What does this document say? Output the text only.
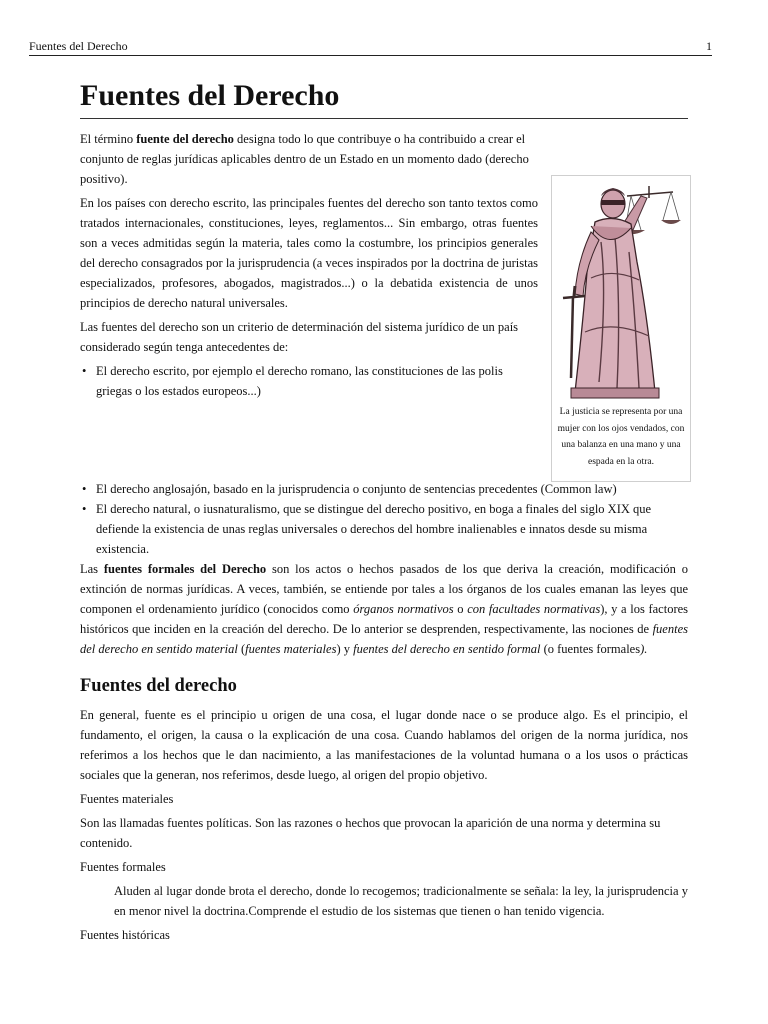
Fuentes del Derecho	1
Fuentes del Derecho

El término fuente del derecho designa todo lo que contribuye o ha contribuido a crear el conjunto de reglas jurídicas aplicables dentro de un Estado en un momento dado (derecho positivo).

En los países con derecho escrito, las principales fuentes del derecho son tanto textos como tratados internacionales, constituciones, leyes, reglamentos... Sin embargo, otras fuentes son a veces admitidas según la materia, tales como la costumbre, los principios generales del derecho consagrados por la jurisprudencia (a veces inspirados por la doctrina de juristas especializados, profesores, abogados, magistrados...) o la debatida existencia de unos principios de derecho natural universales.

Las fuentes del derecho son un criterio de determinación del sistema jurídico de un país considerado según tenga antecedentes de:

• El derecho escrito, por ejemplo el derecho romano, las constituciones de las polis griegas o los estados europeos...)
La justicia se representa por una mujer con los ojos vendados, con una balanza en una mano y una espada en la otra.
• El derecho anglosajón, basado en la jurisprudencia o conjunto de sentencias precedentes (Common law)
• El derecho natural, o iusnaturalismo, que se distingue del derecho positivo, en boga a finales del siglo XIX que defiende la existencia de unas reglas universales o derechos del hombre inalienables e innatos desde su misma existencia.

Las fuentes formales del Derecho son los actos o hechos pasados de los que deriva la creación, modificación o extinción de normas jurídicas. A veces, también, se entiende por tales a los órganos de los cuales emanan las leyes que componen el ordenamiento jurídico (conocidos como órganos normativos o con facultades normativas), y a los factores históricos que inciden en la creación del derecho. De lo anterior se desprenden, respectivamente, las nociones de fuentes del derecho en sentido material (fuentes materiales) y fuentes del derecho en sentido formal (o fuentes formales).

Fuentes del derecho

En general, fuente es el principio u origen de una cosa, el lugar donde nace o se produce algo. Es el principio, el fundamento, el origen, la causa o la explicación de una cosa. Cuando hablamos del origen de la norma jurídica, nos referimos a los hechos que le dan nacimiento, a las manifestaciones de la voluntad humana o a los usos o prácticas sociales que la generan, nos referimos, desde luego, al origen del propio objetivo.

Fuentes materiales

Son las llamadas fuentes políticas. Son las razones o hechos que provocan la aparición de una norma y determina su contenido.

Fuentes formales

Aluden al lugar donde brota el derecho, donde lo recogemos; tradicionalmente se señala: la ley, la jurisprudencia y en menor nivel la doctrina.Comprende el estudio de los sistemas que tienen o han tenido vigencia.

Fuentes históricas
